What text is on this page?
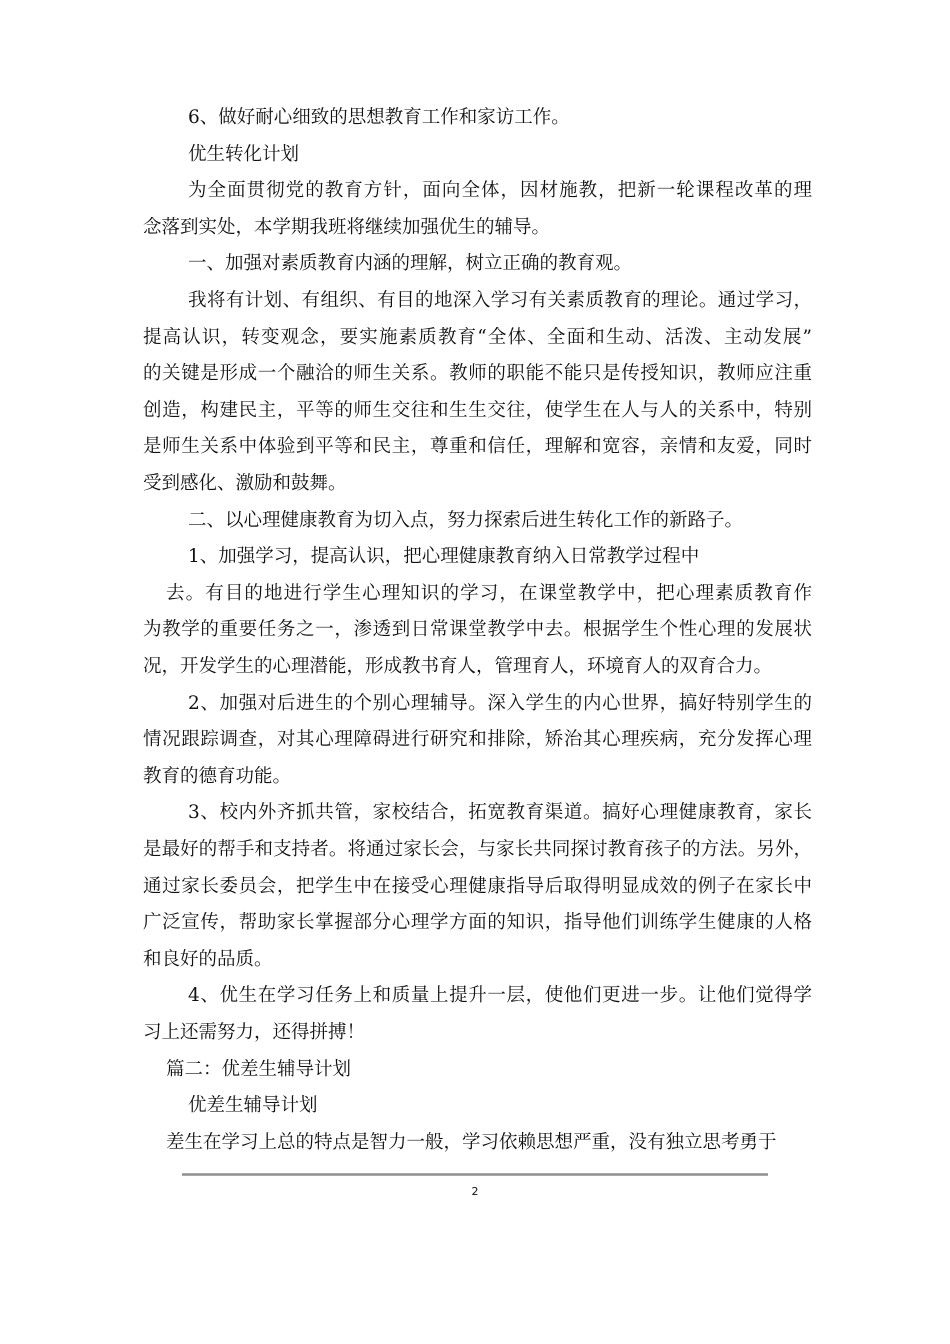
6、做好耐心细致的思想教育工作和家访工作。
优生转化计划
为全面贯彻党的教育方针，面向全体，因材施教，把新一轮课程改革的理
念落到实处，本学期我班将继续加强优生的辅导。
一、加强对素质教育内涵的理解，树立正确的教育观。
我将有计划、有组织、有目的地深入学习有关素质教育的理论。通过学习，
提高认识，转变观念，要实施素质教育“全体、全面和生动、活泼、主动发展”
的关键是形成一个融洽的师生关系。教师的职能不能只是传授知识，教师应注重
创造，构建民主，平等的师生交往和生生交往，使学生在人与人的关系中，特别
是师生关系中体验到平等和民主，尊重和信任，理解和宽容，亲情和友爱，同时
受到感化、激励和鼓舞。
二、以心理健康教育为切入点，努力探索后进生转化工作的新路子。
1、加强学习，提高认识，把心理健康教育纳入日常教学过程中
去。有目的地进行学生心理知识的学习，在课堂教学中，把心理素质教育作
为教学的重要任务之一，渗透到日常课堂教学中去。根据学生个性心理的发展状
况，开发学生的心理潜能，形成教书育人，管理育人，环境育人的双育合力。
2、加强对后进生的个别心理辅导。深入学生的内心世界，搞好特别学生的
情况跟踪调查，对其心理障碍进行研究和排除，矫治其心理疾病，充分发挥心理
教育的德育功能。
3、校内外齐抓共管，家校结合，拓宽教育渠道。搞好心理健康教育，家长
是最好的帮手和支持者。将通过家长会，与家长共同探讨教育孩子的方法。另外，
通过家长委员会，把学生中在接受心理健康指导后取得明显成效的例子在家长中
广泛宣传，帮助家长掌握部分心理学方面的知识，指导他们训练学生健康的人格
和良好的品质。
4、优生在学习任务上和质量上提升一层，使他们更进一步。让他们觉得学
习上还需努力，还得拼搏！
篇二：优差生辅导计划
优差生辅导计划
差生在学习上总的特点是智力一般，学习依赖思想严重，没有独立思考勇于
2
